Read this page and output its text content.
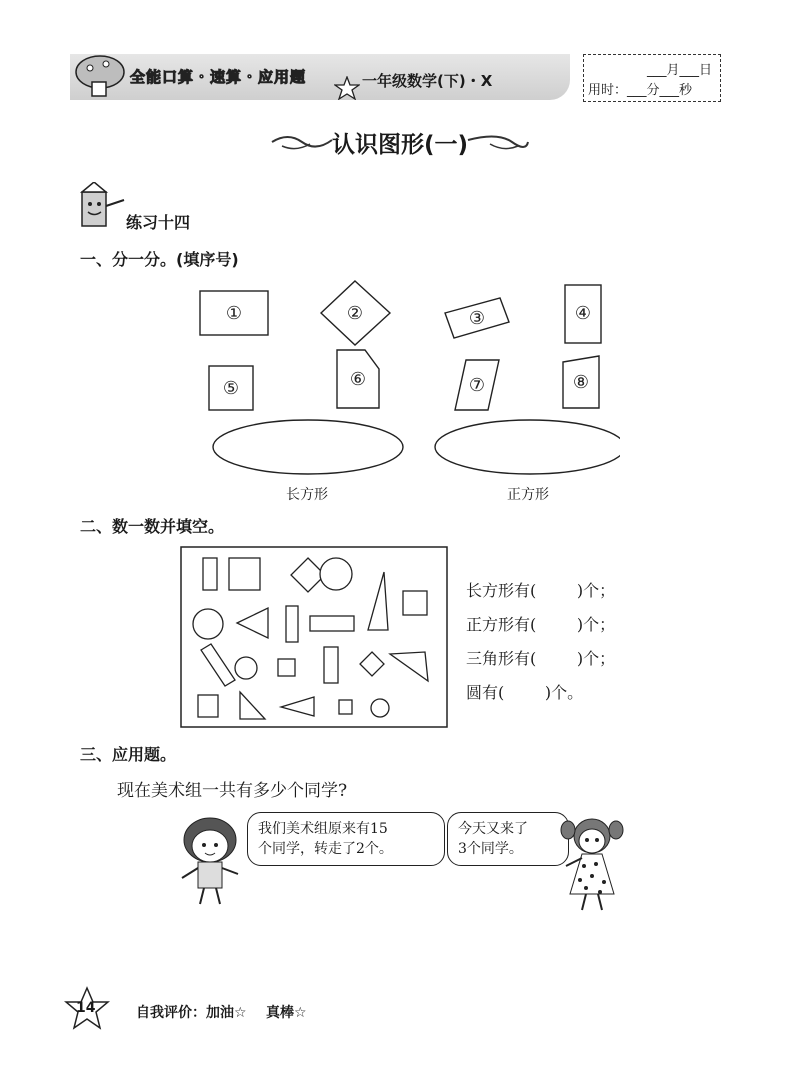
全能口算・速算・应用题	一年级数学(下)・X
___月___日
用时：___分___秒
认识图形(一)
练习十四
一、分一分。(填序号)
①	②	③	④
⑤	⑥	⑦	⑧
长方形	正方形
二、数一数并填空。
长方形有(        )个；
正方形有(        )个；
三角形有(        )个；
圆有(        )个。
三、应用题。
现在美术组一共有多少个同学?
我们美术组原来有15
个同学，转走了2个。
今天又来了
3个同学。
14	自我评价：加油☆    真棒☆
